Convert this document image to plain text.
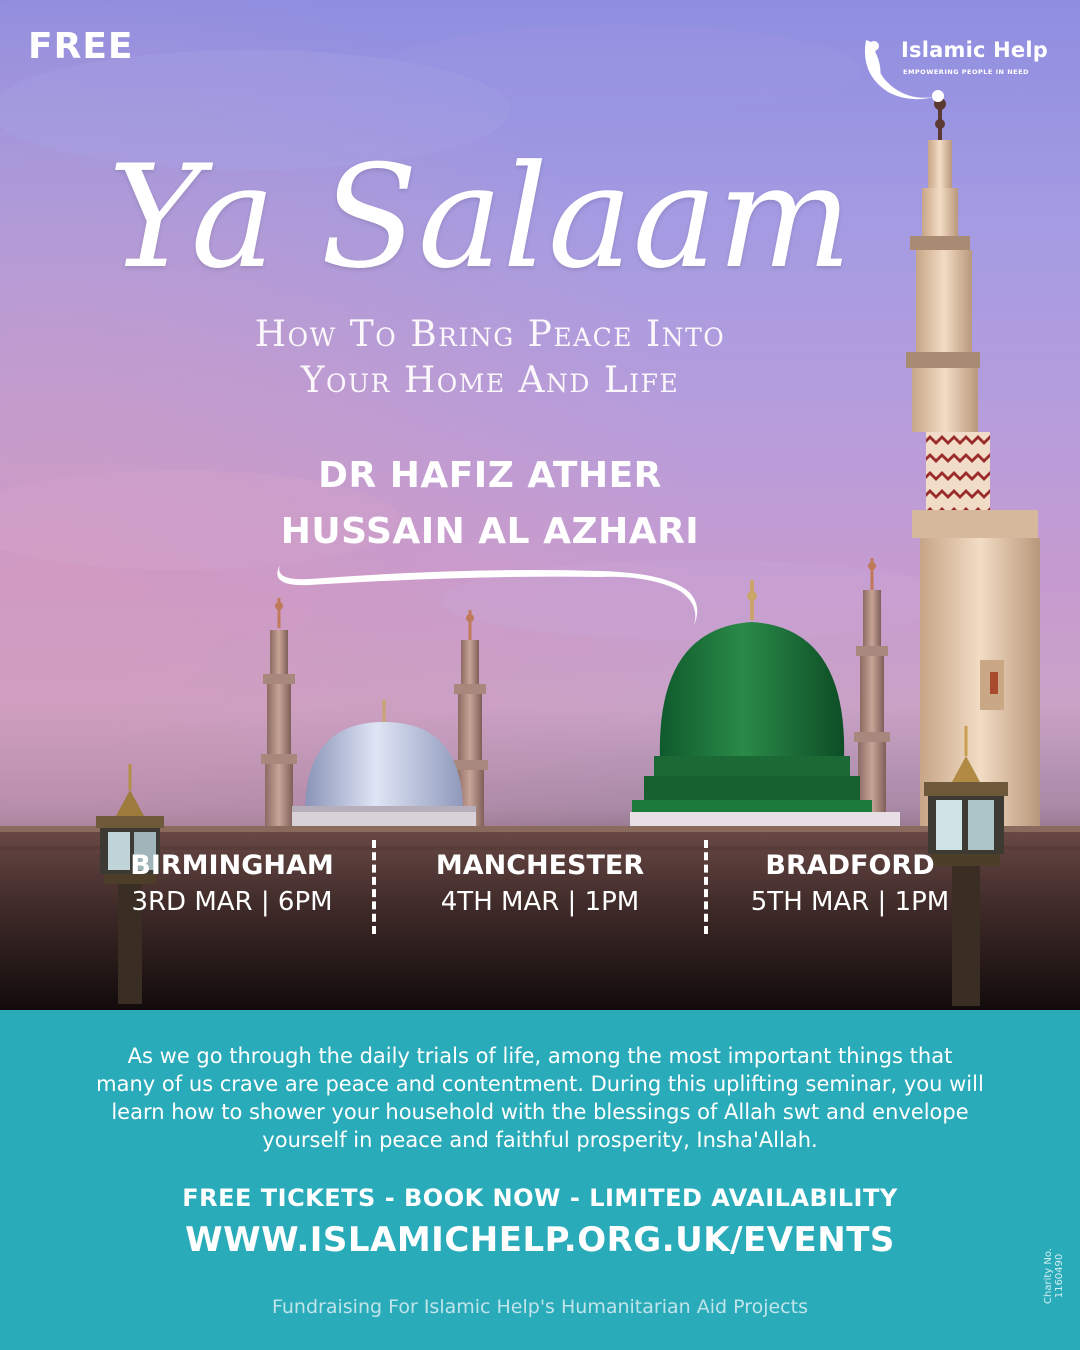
FREE	Islamic Help
EMPOWERING PEOPLE IN NEED
Ya Salaam
How To Bring Peace Into
Your Home And Life
DR HAFIZ ATHER
HUSSAIN AL AZHARI
BIRMINGHAM
3RD MAR | 6PM
MANCHESTER
4TH MAR | 1PM
BRADFORD
5TH MAR | 1PM

As we go through the daily trials of life, among the most important things that many of us crave are peace and contentment. During this uplifting seminar, you will learn how to shower your household with the blessings of Allah swt and envelope yourself in peace and faithful prosperity, Insha'Allah.

FREE TICKETS - BOOK NOW - LIMITED AVAILABILITY
WWW.ISLAMICHELP.ORG.UK/EVENTS
Fundraising For Islamic Help's Humanitarian Aid Projects
Charity No. 1160490
